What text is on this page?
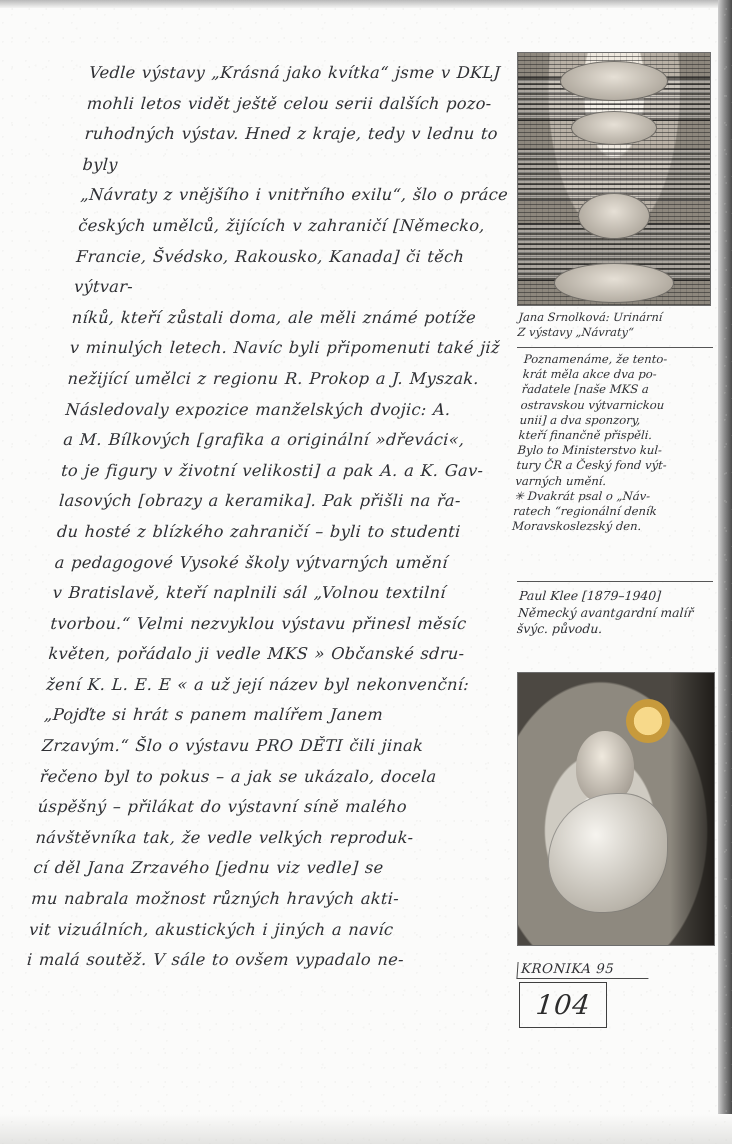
Vedle výstavy „Krásná jako kvítka“ jsme v DKLJ
mohli letos vidět ještě celou serii dalších pozo-
ruhodných výstav. Hned z kraje, tedy v lednu to byly
„Návraty z vnějšího i vnitřního exilu“, šlo o práce
českých umělců, žijících v zahraničí [Německo,
Francie, Švédsko, Rakousko, Kanada] či těch výtvar-
níků, kteří zůstali doma, ale měli známé potíže
v minulých letech. Navíc byli připomenuti také již
nežijící umělci z regionu R. Prokop a J. Myszak.
Následovaly expozice manželských dvojic: A.
a M. Bílkových [grafika a originální »dřeváci«,
to je figury v životní velikosti] a pak A. a K. Gav-
lasových [obrazy a keramika]. Pak přišli na řa-
du hosté z blízkého zahraničí – byli to studenti
a pedagogové Vysoké školy výtvarných umění
v Bratislavě, kteří naplnili sál „Volnou textilní
tvorbou.“ Velmi nezvyklou výstavu přinesl měsíc
květen, pořádalo ji vedle MKS » Občanské sdru-
žení K. L. E. E « a už její název byl nekonvenční:
„Pojďte si hrát s panem malířem Janem
Zrzavým.“ Šlo o výstavu PRO DĚTI čili jinak
řečeno byl to pokus – a jak se ukázalo, docela
úspěšný – přilákat do výstavní síně malého
návštěvníka tak, že vedle velkých reproduk-
cí děl Jana Zrzavého [jednu viz vedle] se
mu nabrala možnost různých hravých akti-
vit vizuálních, akustických i jiných a navíc
i malá soutěž. V sále to ovšem vypadalo ne-
Jana Srnolková: Urinární
Z výstavy „Návraty“
Poznamenáme, že tento-
krát měla akce dva po-
řadatele [naše MKS a
ostravskou výtvarnickou
unii] a dva sponzory,
kteří finančně přispěli.
Bylo to Ministerstvo kul-
tury ČR a Český fond výt-
varných umění.
✳ Dvakrát psal o „Náv-
ratech “regionální deník
Moravskoslezský den.
Paul Klee [1879–1940]
Německý avantgardní malíř
švýc. původu.
KRONIKA 95
104
